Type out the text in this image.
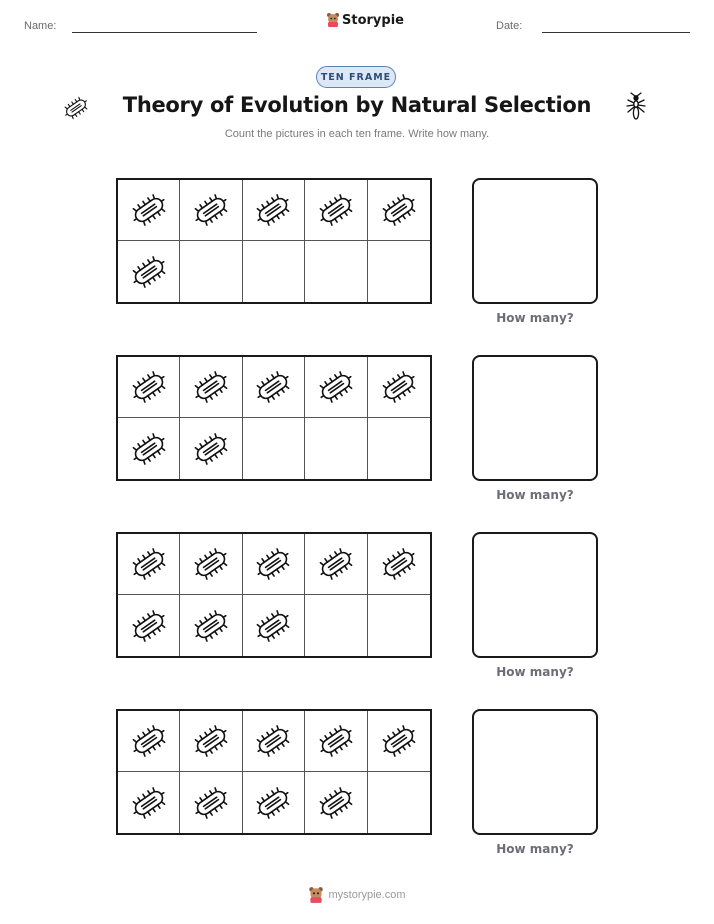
Name:	Storypie	Date:
TEN FRAME
Theory of Evolution by Natural Selection
Count the pictures in each ten frame. Write how many.
How many?
How many?
How many?
How many?
mystorypie.com
